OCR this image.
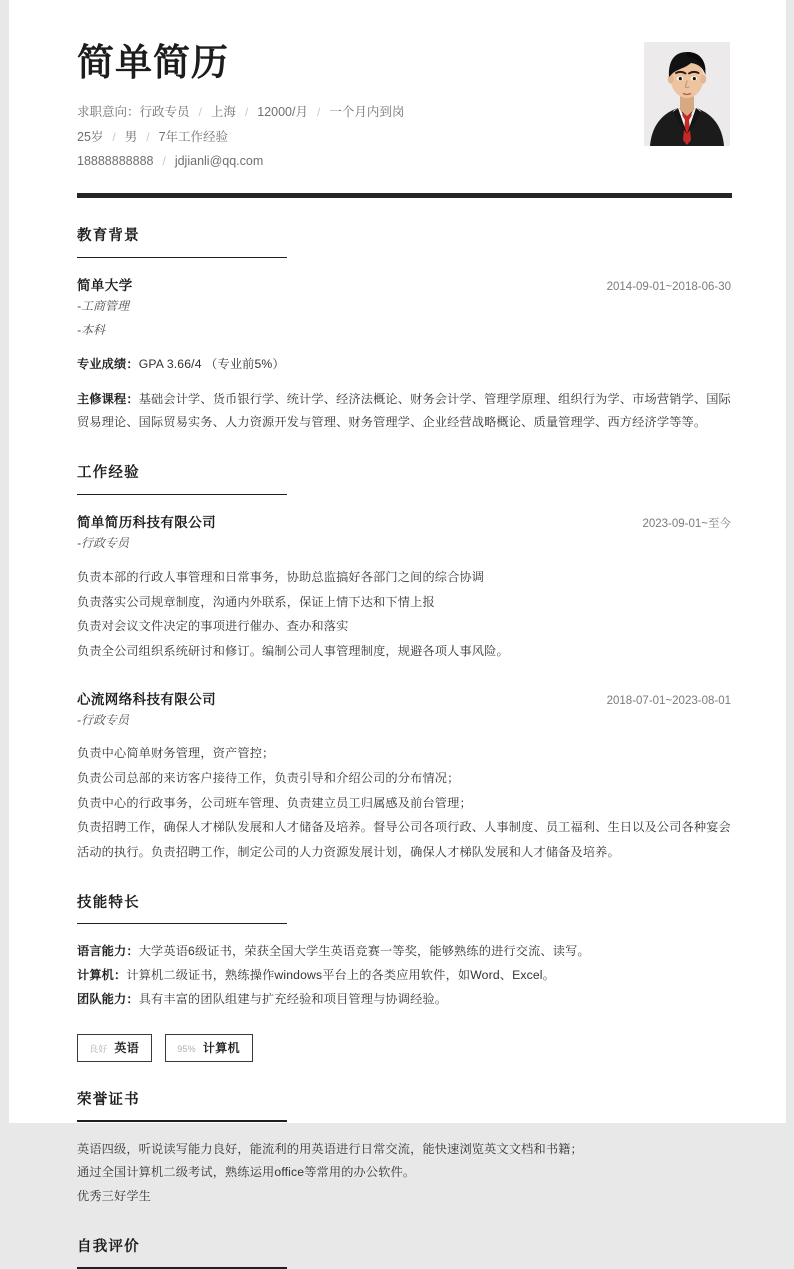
简单简历
求职意向：行政专员 / 上海 / 12000/月 / 一个月内到岗
25岁 / 男 / 7年工作经验
18888888888 / jdjianli@qq.com
教育背景
简单大学	2014-09-01~2018-06-30
-工商管理
-本科
专业成绩：GPA 3.66/4 （专业前5%）
主修课程：基础会计学、货币银行学、统计学、经济法概论、财务会计学、管理学原理、组织行为学、市场营销学、国际贸易理论、国际贸易实务、人力资源开发与管理、财务管理学、企业经营战略概论、质量管理学、西方经济学等等。
工作经验
简单简历科技有限公司	2023-09-01~至今
-行政专员
负责本部的行政人事管理和日常事务，协助总监搞好各部门之间的综合协调
负责落实公司规章制度，沟通内外联系，保证上情下达和下情上报
负责对会议文件决定的事项进行催办、查办和落实
负责全公司组织系统研讨和修订。编制公司人事管理制度，规避各项人事风险。
心流网络科技有限公司	2018-07-01~2023-08-01
-行政专员
负责中心简单财务管理，资产管控；
负责公司总部的来访客户接待工作，负责引导和介绍公司的分布情况；
负责中心的行政事务，公司班车管理、负责建立员工归属感及前台管理；
负责招聘工作，确保人才梯队发展和人才储备及培养。督导公司各项行政、人事制度、员工福利、生日以及公司各种宴会活动的执行。负责招聘工作，制定公司的人力资源发展计划，确保人才梯队发展和人才储备及培养。
技能特长
语言能力：大学英语6级证书，荣获全国大学生英语竞赛一等奖，能够熟练的进行交流、读写。
计算机：计算机二级证书，熟练操作windows平台上的各类应用软件，如Word、Excel。
团队能力：具有丰富的团队组建与扩充经验和项目管理与协调经验。
良好 英语	95% 计算机
荣誉证书
英语四级，听说读写能力良好，能流利的用英语进行日常交流，能快速浏览英文文档和书籍；
通过全国计算机二级考试，熟练运用office等常用的办公软件。
优秀三好学生
自我评价
